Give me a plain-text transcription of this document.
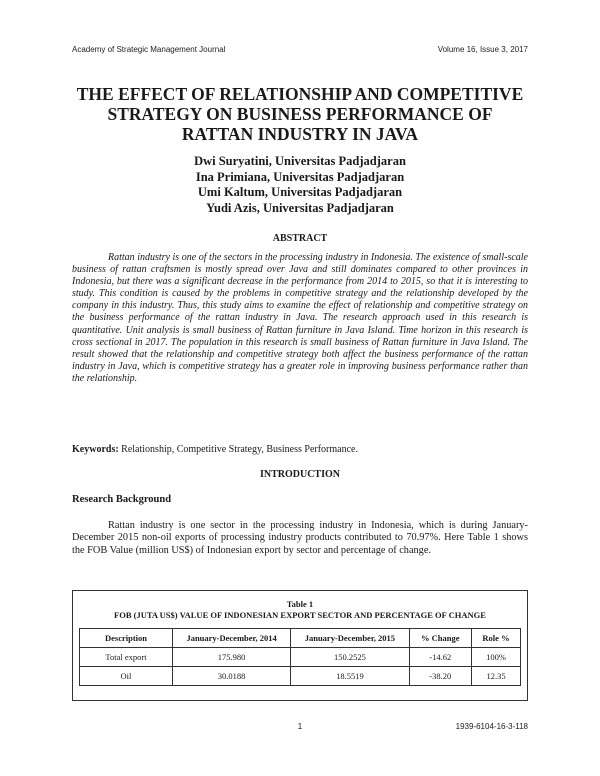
Academy of Strategic Management Journal	Volume 16, Issue 3, 2017
THE EFFECT OF RELATIONSHIP AND COMPETITIVE
STRATEGY ON BUSINESS PERFORMANCE OF
RATTAN INDUSTRY IN JAVA
Dwi Suryatini, Universitas Padjadjaran
Ina Primiana, Universitas Padjadjaran
Umi Kaltum, Universitas Padjadjaran
Yudi Azis, Universitas Padjadjaran
ABSTRACT

Rattan industry is one of the sectors in the processing industry in Indonesia. The existence of small-scale business of rattan craftsmen is mostly spread over Java and still dominates compared to other provinces in Indonesia, but there was a significant decrease in the performance from 2014 to 2015, so that it is interesting to study. This condition is caused by the problems in competitive strategy and the relationship developed by the company in this industry. Thus, this study aims to examine the effect of relationship and competitive strategy on the business performance of the rattan industry in Java. The research approach used in this research is quantitative. Unit analysis is small business of Rattan furniture in Java Island. Time horizon in this research is cross sectional in 2017. The population in this research is small business of Rattan furniture in Java Island. The result showed that the relationship and competitive strategy both affect the business performance of the rattan industry in Java, which is competitive strategy has a greater role in improving business performance rather than the relationship.

Keywords: Relationship, Competitive Strategy, Business Performance.

INTRODUCTION
Research Background

Rattan industry is one sector in the processing industry in Indonesia, which is during January-December 2015 non-oil exports of processing industry products contributed to 70.97%. Here Table 1 shows the FOB Value (million US$) of Indonesian export by sector and percentage of change.

Table 1
FOB (JUTA US$) VALUE OF INDONESIAN EXPORT SECTOR AND PERCENTAGE OF CHANGE
Description	January-December, 2014	January-December, 2015	% Change	Role %
Total export	175.980	150.2525	-14.62	100%
Oil	30.0188	18.5519	-38.20	12.35
1	1939-6104-16-3-118
